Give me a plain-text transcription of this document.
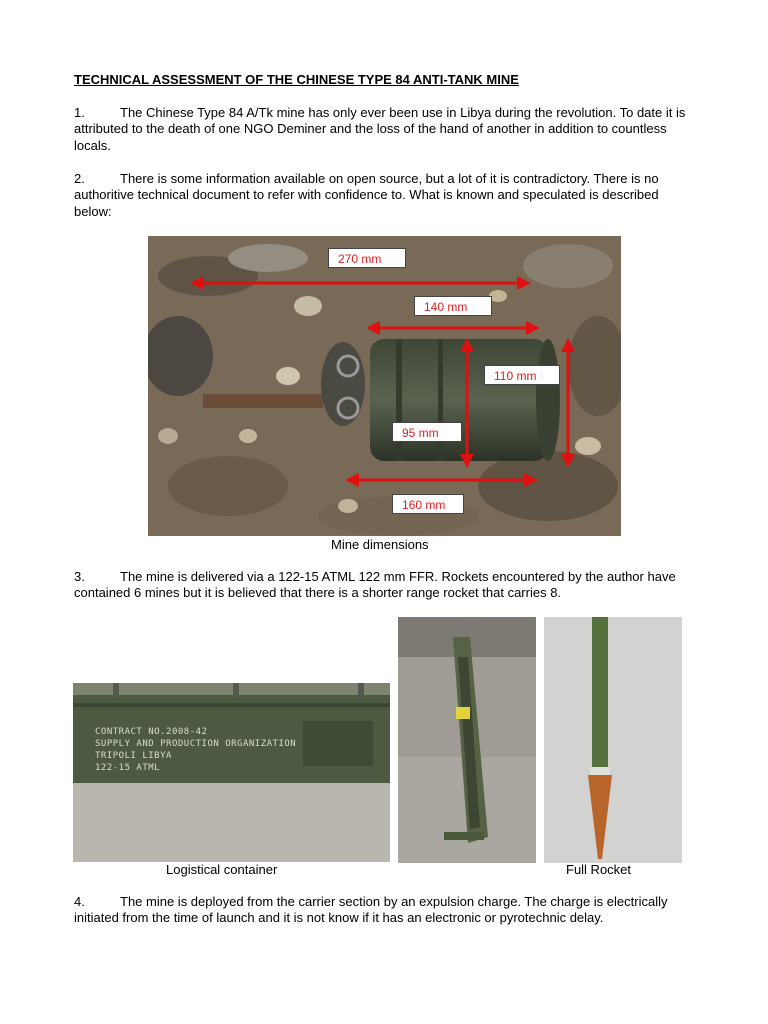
TECHNICAL ASSESSMENT OF THE CHINESE TYPE 84 ANTI-TANK MINE
1.	The Chinese Type 84 A/Tk mine has only ever been use in Libya during the revolution. To date it is attributed to the death of one NGO Deminer and the loss of the hand of another in addition to countless locals.
2.	There is some information available on open source, but a lot of it is contradictory. There is no authoritive technical document to refer with confidence to. What is known and speculated is described below:
270 mm
140 mm
110 mm
95 mm
160 mm
Mine dimensions
3.	The mine is delivered via a 122-15 ATML 122 mm FFR. Rockets encountered by the author have contained 6 mines but it is believed that there is a shorter range rocket that carries 8.
CONTRACT NO.2008-42
SUPPLY AND PRODUCTION ORGANIZATION
TRIPOLI LIBYA
122-15 ATML
Logistical container	Full Rocket
4.	The mine is deployed from the carrier section by an expulsion charge. The charge is electrically initiated from the time of launch and it is not know if it has an electronic or pyrotechnic delay.
